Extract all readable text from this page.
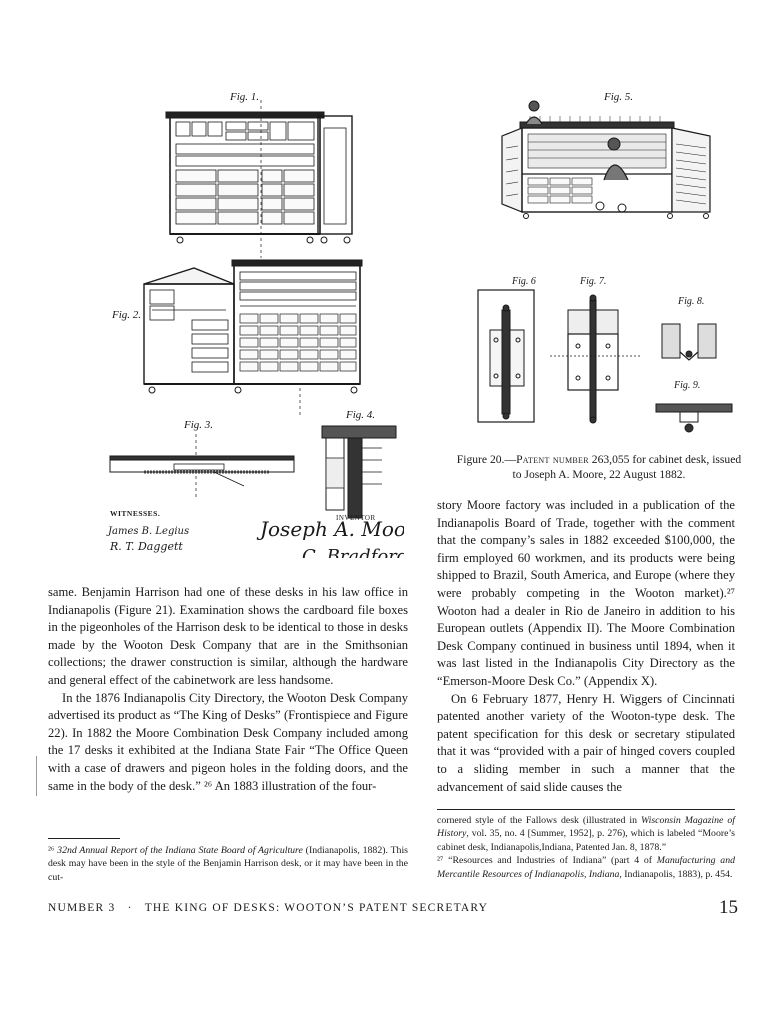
Fig. 1.
Fig. 2.
Fig. 3.
Fig. 4.
WITNESSES.	INVENTOR
James B. Legius
R. T. Daggett
Joseph A. Moo
C. Bradford
Fig. 5.
Fig. 6	Fig. 7.
Fig. 8.
Fig. 9.
Figure 20.—Patent number 263,055 for cabinet desk, issued to Joseph A. Moore, 22 August 1882.

same. Benjamin Harrison had one of these desks in his law office in Indianapolis (Figure 21). Examination shows the cardboard file boxes in the pigeonholes of the Harrison desk to be identical to those in desks made by the Wooton Desk Company that are in the Smithsonian collections; the drawer construction is similar, although the hardware and general effect of the cabinetwork are less handsome.

In the 1876 Indianapolis City Directory, the Wooton Desk Company advertised its product as “The King of Desks” (Frontispiece and Figure 22). In 1882 the Moore Combination Desk Company included among the 17 desks it exhibited at the Indiana State Fair “The Office Queen with a case of drawers and pigeon holes in the folding doors, and the same in the body of the desk.” ²⁶ An 1883 illustration of the four-

²⁶ 32nd Annual Report of the Indiana State Board of Agriculture (Indianapolis, 1882). This desk may have been in the style of the Benjamin Harrison desk, or it may have been in the cut-

story Moore factory was included in a publication of the Indianapolis Board of Trade, together with the comment that the company’s sales in 1882 exceeded $100,000, the firm employed 60 workmen, and its products were being shipped to Brazil, South America, and Europe (where they were probably competing in the Wooton market).²⁷ Wooton had a dealer in Rio de Janeiro in addition to his European outlets (Appendix II). The Moore Combination Desk Company continued in business until 1894, when it was last listed in the Indianapolis City Directory as the “Emerson-Moore Desk Co.” (Appendix X).

On 6 February 1877, Henry H. Wiggers of Cincinnati patented another variety of the Wooton-type desk. The patent specification for this desk or secretary stipulated that it was “provided with a pair of hinged covers coupled to a sliding member in such a manner that the advancement of said slide causes the

cornered style of the Fallows desk (illustrated in Wisconsin Magazine of History, vol. 35, no. 4 [Summer, 1952], p. 276), which is labeled “Moore’s cabinet desk, Indianapolis,Indiana, Patented Jan. 8, 1878.”

²⁷ “Resources and Industries of Indiana” (part 4 of Manufacturing and Mercantile Resources of Indianapolis, Indiana, Indianapolis, 1883), p. 454.

NUMBER 3   ·   THE KING OF DESKS: WOOTON’S PATENT SECRETARY	15
